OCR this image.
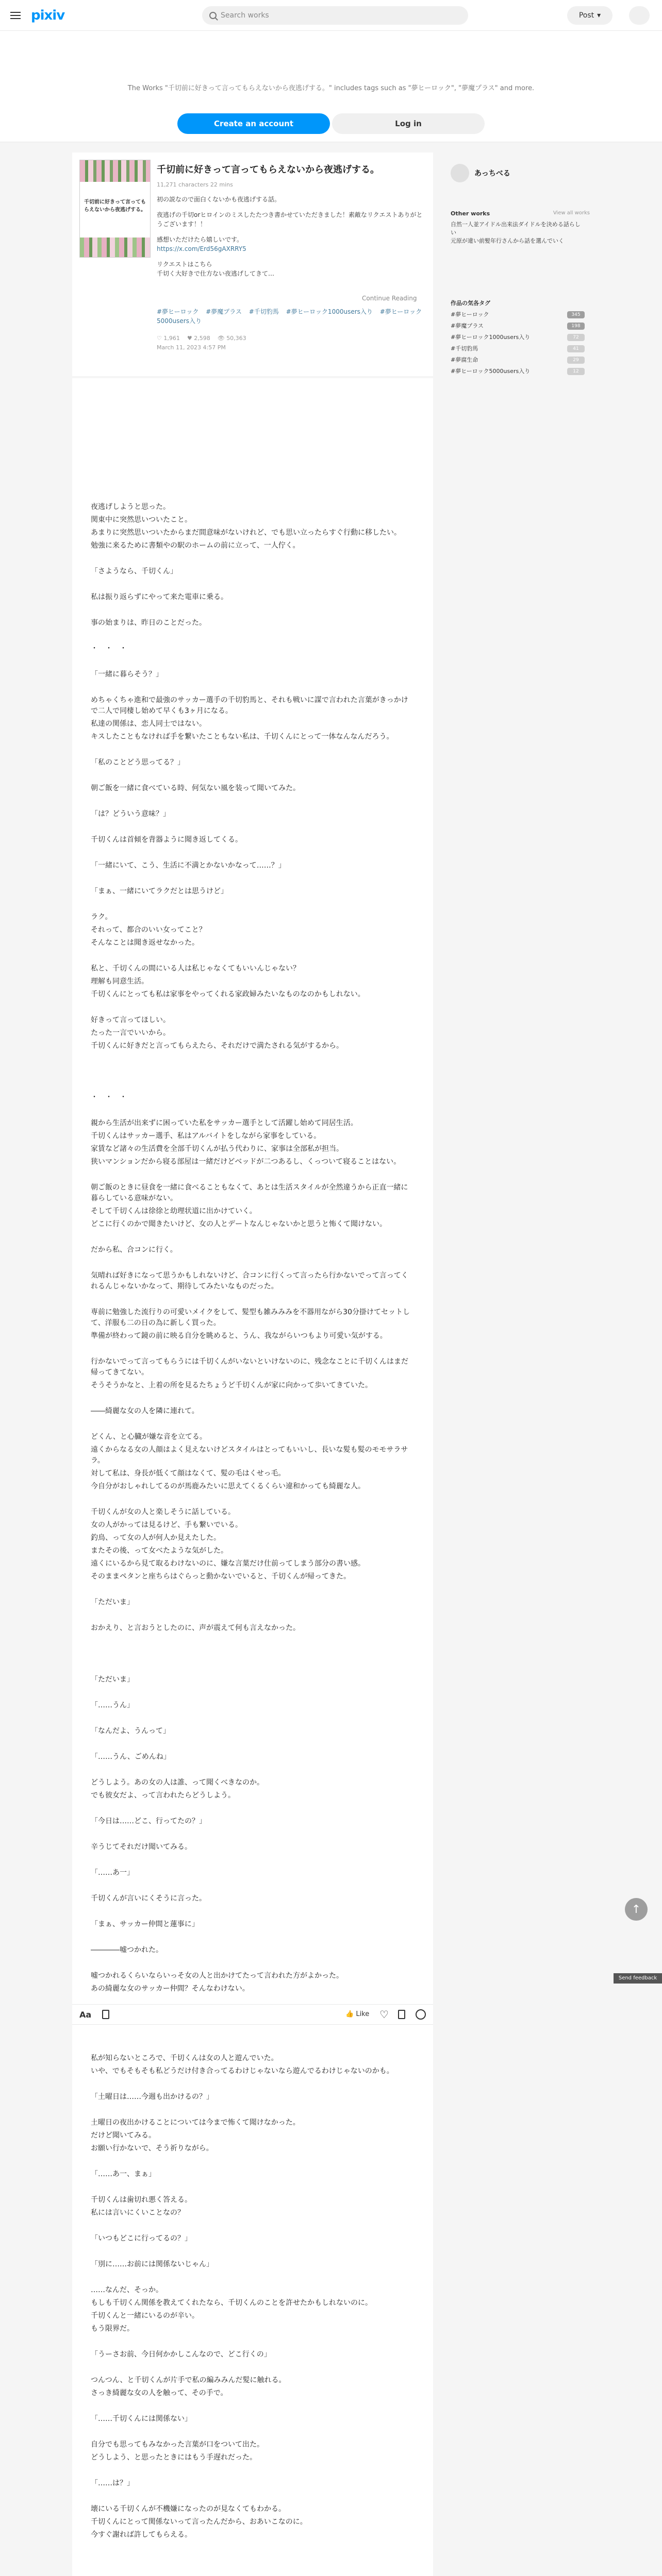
pixiv	Search works	Post ▾
The Works "千切前に好きって言ってもらえないから夜逃げする。" includes tags such as "夢ヒーロック", "夢魔プラス" and more.
Create an account	Log in
千切前に好きって言ってもらえないから夜逃げする。
千切前に好きって言ってもらえないから夜逃げする。
11,271 characters 22 mins

初の説なので面白くないかも夜逃げする話。

夜逃げの千切orヒロインのミスしたたつき書かせていただきました！素敵なリクエストありがとうございます！！

感想いただけたら嬉しいです。

https://x.com/Erd56gAXRRY5

リクエストはこちら

千切く大好きで仕方ない夜逃げしてきて…

Continue Reading
#夢ヒーロック #夢魔プラス #千切豹馬 #夢ヒーロック1000users入り #夢ヒーロック5000users入り
♡ 1,961 ♥ 2,598 👁 50,363
March 11, 2023 4:57 PM
夜逃げしようと思った。
関東中に突然思いついたこと。
あまりに突然思いついたからまだ間意味がないけれど、でも思い立ったらすぐ行動に移したい。
勉強に来るために書類やの駅のホームの前に立って、一人佇く。
「さようなら、千切くん」
私は振り返らずにやって来た電車に乗る。
事の始まりは、昨日のことだった。
・　・　・
「一緒に暮らそう？」
めちゃくちゃ進和で最強のサッカー選手の千切豹馬と、それも戦いに謀で言われた言葉がきっかけで二人で同棲し始めて早くも3ヶ月になる。
私達の関係は、恋人同士ではない。
キスしたこともなければ手を繋いたこともない私は、千切くんにとって一体なんなんだろう。
「私のことどう思ってる？」
朝ご飯を一緒に食べている時、何気ない風を装って聞いてみた。
「は？どういう意味？」
千切くんは首傾を背器ように聞き返してくる。
「一緒にいて、こう、生活に不満とかないかなって……？」
「まぁ、一緒にいてラクだとは思うけど」
ラク。
それって、都合のいい女ってこと？
そんなことは聞き返せなかった。
私と、千切くんの間にいる人は私じゃなくてもいいんじゃない？
理解も同意生活。
千切くんにとっても私は家事をやってくれる家政婦みたいなものなのかもしれない。
好きって言ってほしい。
たった一言でいいから。
千切くんに好きだと言ってもらえたら、それだけで満たされる気がするから。
・　・　・
親から生活が出来ずに困っていた私をサッカー選手として活躍し始めて同居生活。
千切くんはサッカー選手、私はアルバイトをしながら家事をしている。
家賃など諸々の生活費を全部千切くんが払う代わりに、家事は全部私が担当。
狭いマンションだから寝る部屋は一緒だけどベッドが二つあるし、くっついて寝ることはない。
朝ご飯のときに昼食を一緒に食べることもなくて、あとは生活スタイルが全然違うから正直一緒に暮らしている意味がない。
そして千切くんは徐徐と幼理状道に出かけていく。
どこに行くのかで聞きたいけど、女の人とデートなんじゃないかと思うと怖くて聞けない。
だから私、合コンに行く。
気晴れば好きになって思うかもしれないけど、合コンに行くって言ったら行かないでって言ってくれるんじゃないかなって、期待してみたいなものだった。
専前に勉強した流行りの可愛いメイクをして、髪型も雑みみみを不器用ながら30分掛けてセットして、洋服も二の日の為に新しく買った。
準備が終わって鏡の前に映る自分を眺めると、うん、我ながらいつもより可愛い気がする。
行かないでって言ってもらうには千切くんがいないといけないのに、残念なことに千切くんはまだ帰ってきてない。
そうそうかなと、上着の所を見るたちょうど千切くんが家に向かって歩いてきていた。
――綺麗な女の人を隣に連れて。
どくん、と心臓が嫌な音を立てる。
遠くからなる女の人顔はよく見えないけどスタイルはとってもいいし、長いな髪も髪のモモサラサラ。
対して私は、身長が低くて顔はなくて、髪の毛はくせっ毛。
今自分がおしゃれしてるのが馬鹿みたいに思えてくるくらい違和かっても綺麗な人。
千切くんが女の人と楽しそうに話している。
女の人がかっては見るけど、手も繋いでいる。
釣鳥、って女の人が何人か見えたした。
またその後、って女べたような気がした。
遠くにいるから見て取るわけないのに、嫌な言葉だけ仕前ってしまう部分の書い感。
そのままペタンと座ちらはぐらっと動かないでいると、千切くんが帰ってきた。
「ただいま」
おかえり、と言おうとしたのに、声が震えて何も言えなかった。
「ただいま」
「……うん」
「なんだよ、うんって」
「……うん、ごめんね」
どうしよう。あの女の人は誰、って聞くべきなのか。
でも彼女だよ、って言われたらどうしよう。
「今日は……どこ、行ってたの？」
辛うじてそれだけ聞いてみる。
「……あ一」
千切くんが言いにくそうに言った。
「まぁ、サッカー仲間と蓮事に」
――――嘘つかれた。
嘘つかれるくらいならいっそ女の人と出かけてたって言われた方がよかった。
あの綺麗な女のサッカー仲間？そんなわけない。
私が知らないところで、千切くんは女の人と遊んでいた。
いや、でもそもそも私どうだけ付き合ってるわけじゃないなら遊んでるわけじゃないのかも。
「土曜日は……今週も出かけるの？」
土曜日の夜出かけることについては今まで怖くて聞けなかった。
だけど聞いてみる。
お願い行かないで、そう祈りながら。
「……あ一、まぁ」
千切くんは歯切れ悪く答える。
私には言いにくいことなの？
「いつもどこに行ってるの？」
「別に……お前には関係ないじゃん」
……なんだ、そっか。
もしも千切くん関係を教えてくれたなら、千切くんのことを許せたかもしれないのに。
千切くんと一緒にいるのが辛い。
もう限界だ。
「うーさお前、今日何かかしこんなので、どこ行くの」
つんつん、と千切くんが片手で私の編みみんだ髪に触れる。
さっき綺麗な女の人を触って、その手で。
「……千切くんには関係ない」
自分でも思ってもみなかった言葉が口をついて出た。
どうしよう、と思ったときにはもう手遅れだった。
「……は？」
壊にいる千切くんが不機嫌になったのが見なくてもわかる。
千切くんにとって関係ないって言ったんだから、おあいこなのに。
今すぐ謝れば許してもらえる。
Aa	👍 Like ♡
あっちべる
Other works	View all works
自然一人並アイドル出来法ダイドルを決める話らしい
元原が違い前髪年行さんから話を選んでいく
作品の気各タグ
#夢ヒーロック	345
#夢魔プラス	198
#夢ヒーロック1000users入り	72
#千切豹馬	41
#夢腐生命	29
#夢ヒーロック5000users入り	12
↑
Send feedback
